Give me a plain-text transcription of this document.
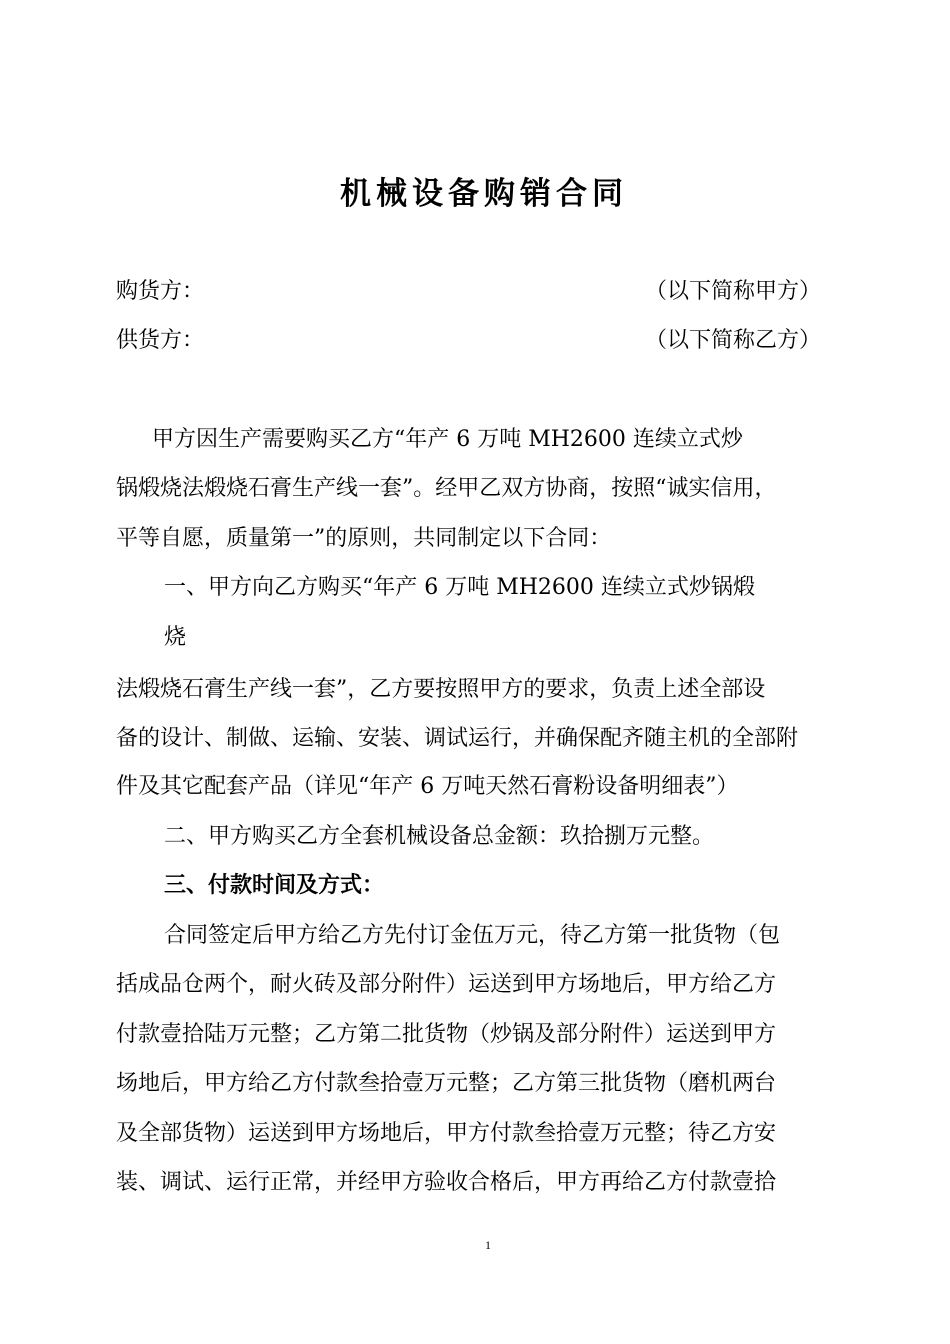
机械设备购销合同
购货方：	（以下简称甲方）
供货方：	（以下简称乙方）
甲方因生产需要购买乙方“年产 6 万吨 MH2600 连续立式炒
锅煅烧法煅烧石膏生产线一套”。经甲乙双方协商，按照“诚实信用，
平等自愿，质量第一”的原则，共同制定以下合同：
一、甲方向乙方购买“年产 6 万吨 MH2600 连续立式炒锅煅
烧
法煅烧石膏生产线一套”，乙方要按照甲方的要求，负责上述全部设
备的设计、制做、运输、安装、调试运行，并确保配齐随主机的全部附
件及其它配套产品（详见“年产 6 万吨天然石膏粉设备明细表”）
二、甲方购买乙方全套机械设备总金额：玖拾捌万元整。
三、付款时间及方式：
合同签定后甲方给乙方先付订金伍万元，待乙方第一批货物（包
括成品仓两个，耐火砖及部分附件）运送到甲方场地后，甲方给乙方
付款壹拾陆万元整；乙方第二批货物（炒锅及部分附件）运送到甲方
场地后，甲方给乙方付款叁拾壹万元整；乙方第三批货物（磨机两台
及全部货物）运送到甲方场地后，甲方付款叁拾壹万元整；待乙方安
装、调试、运行正常，并经甲方验收合格后，甲方再给乙方付款壹拾
1
